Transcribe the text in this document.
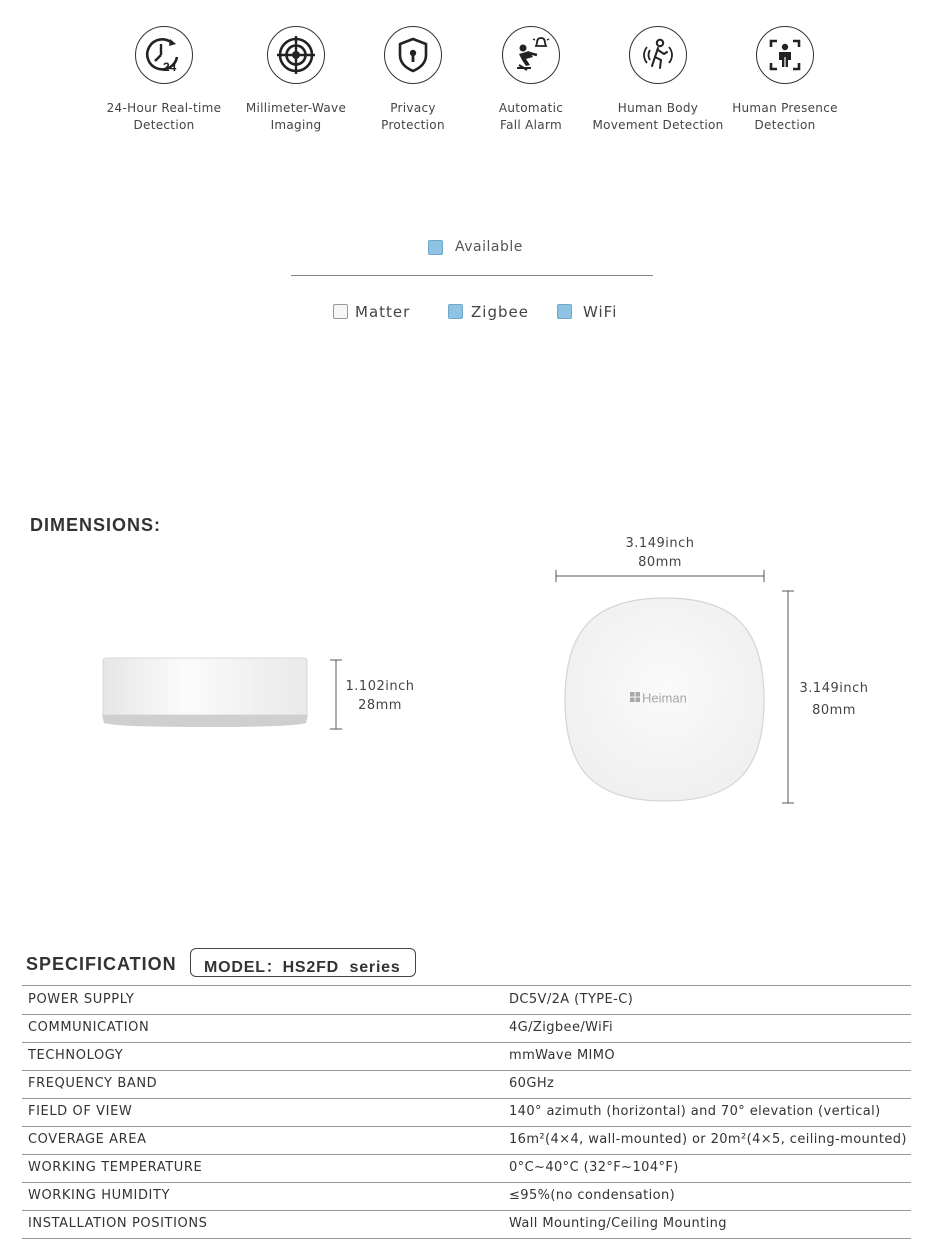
24
24-Hour Real-time
Detection
Millimeter-Wave
Imaging
Privacy
Protection
Automatic
Fall Alarm
Human Body
Movement Detection
Human Presence
Detection
Available
Matter	Zigbee	WiFi
DIMENSIONS:
1.102inch
28mm
3.149inch
80mm
Heiman
3.149inch
80mm
SPECIFICATION MODEL：HS2FD  series
POWER SUPPLY	DC5V/2A (TYPE-C)
COMMUNICATION	4G/Zigbee/WiFi
TECHNOLOGY	mmWave MIMO
FREQUENCY BAND	60GHz
FIELD OF VIEW	140° azimuth (horizontal) and 70° elevation (vertical)
COVERAGE AREA	16m²(4×4, wall-mounted) or 20m²(4×5, ceiling-mounted)
WORKING TEMPERATURE	0°C~40°C (32°F~104°F)
WORKING HUMIDITY	≤95%(no condensation)
INSTALLATION POSITIONS	Wall Mounting/Ceiling Mounting
